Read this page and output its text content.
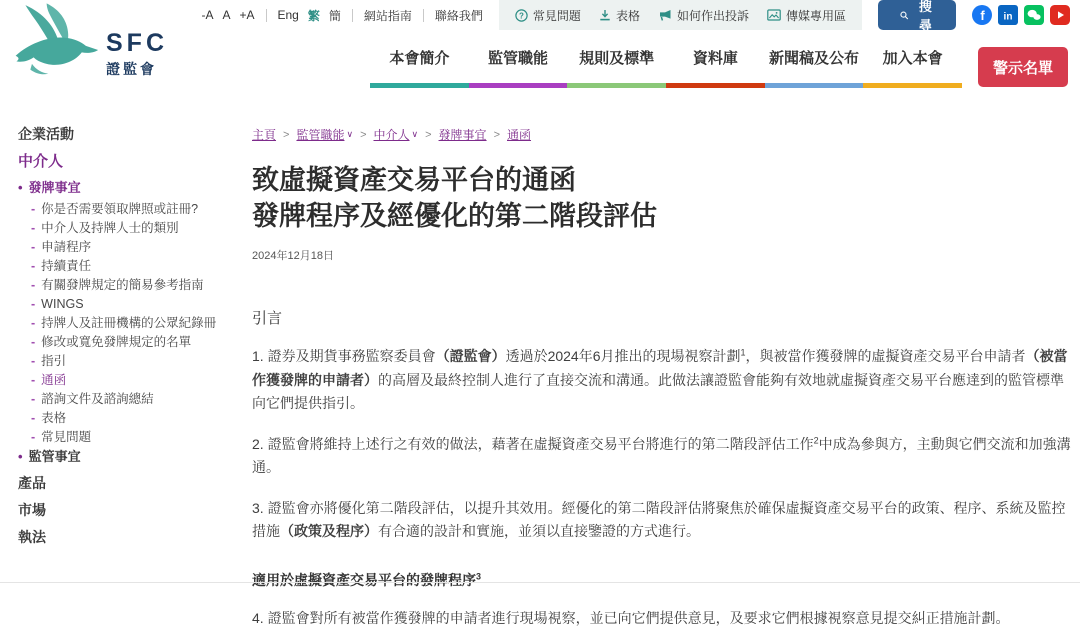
SFC
證監會
-A A +A Eng 繁 簡 網站指南 聯絡我們	? 常見問題	表格	如何作出投訴	傳媒專用區
搜尋
f in
本會簡介	監管職能	規則及標準	資料庫	新聞稿及公布	加入本會
警示名單
企業活動
中介人
• 發牌事宜
- 你是否需要領取牌照或註冊?
- 中介人及持牌人士的類別
- 申請程序
- 持續責任
- 有關發牌規定的簡易參考指南
- WINGS
- 持牌人及註冊機構的公眾紀錄冊
- 修改或寬免發牌規定的名單
- 指引
- 通函
- 諮詢文件及諮詢總結
- 表格
- 常見問題
• 監管事宜
產品
市場
執法
主頁 > 監管職能 ∨ > 中介人 ∨ > 發牌事宜 > 通函
致虛擬資產交易平台的通函
發牌程序及經優化的第二階段評估
2024年12月18日
引言

1. 證券及期貨事務監察委員會（證監會）透過於2024年6月推出的現場視察計劃$^1$，與被當作獲發牌的虛擬資產交易平台申請者（被當作獲發牌的申請者）的高層及最終控制人進行了直接交流和溝通。此做法讓證監會能夠有效地就虛擬資產交易平台應達到的監管標準向它們提供指引。

2. 證監會將維持上述行之有效的做法，藉著在虛擬資產交易平台將進行的第二階段評估工作$^2$中成為參與方，主動與它們交流和加強溝通。

3. 證監會亦將優化第二階段評估，以提升其效用。經優化的第二階段評估將聚焦於確保虛擬資產交易平台的政策、程序、系統及監控措施（政策及程序）有合適的設計和實施，並須以直接鑒證的方式進行。

適用於虛擬資產交易平台的發牌程序$^3$

4. 證監會對所有被當作獲發牌的申請者進行現場視察，並已向它們提供意見，及要求它們根據視察意見提交糾正措施計劃。
